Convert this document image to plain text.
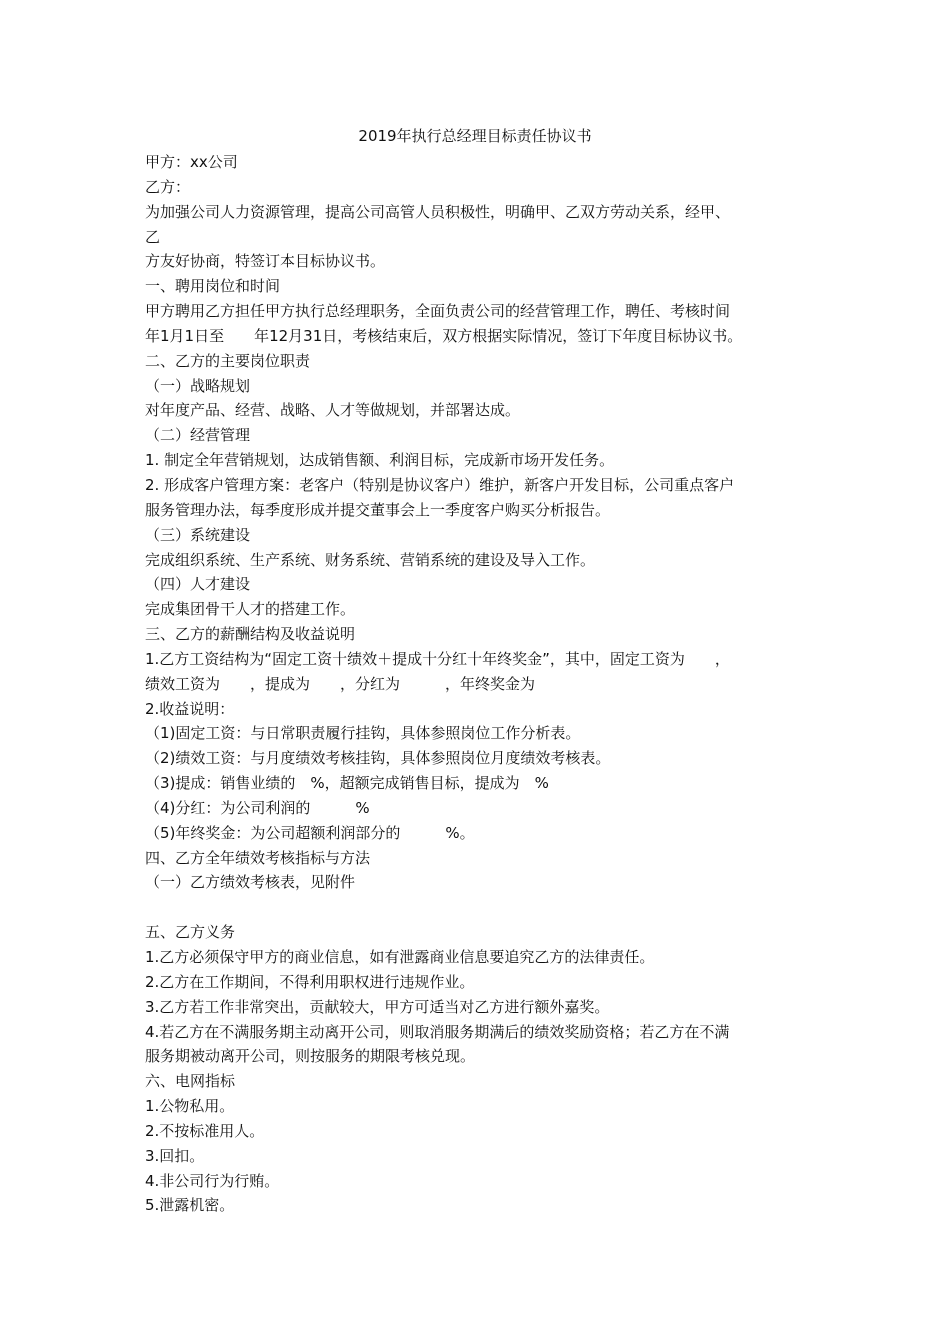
2019年执行总经理目标责任协议书
甲方：xx公司
乙方：
为加强公司人力资源管理，提高公司高管人员积极性，明确甲、乙双方劳动关系，经甲、
乙
方友好协商，特签订本目标协议书。
一、聘用岗位和时间
甲方聘用乙方担任甲方执行总经理职务，全面负责公司的经营管理工作，聘任、考核时间
年1月1日至　　年12月31日，考核结束后，双方根据实际情况，签订下年度目标协议书。
二、乙方的主要岗位职责
（一）战略规划
对年度产品、经营、战略、人才等做规划，并部署达成。
（二）经营管理
1. 制定全年营销规划，达成销售额、利润目标，完成新市场开发任务。
2. 形成客户管理方案：老客户（特别是协议客户）维护，新客户开发目标，公司重点客户
服务管理办法，每季度形成并提交董事会上一季度客户购买分析报告。
（三）系统建设
完成组织系统、生产系统、财务系统、营销系统的建设及导入工作。
（四）人才建设
完成集团骨干人才的搭建工作。
三、乙方的薪酬结构及收益说明
1.乙方工资结构为“固定工资十绩效＋提成十分红十年终奖金”，其中，固定工资为　　，
绩效工资为　　，提成为　　，分红为　　　，年终奖金为
2.收益说明：
（1)固定工资：与日常职责履行挂钩，具体参照岗位工作分析表。
（2)绩效工资：与月度绩效考核挂钩，具体参照岗位月度绩效考核表。
（3)提成：销售业绩的　%，超额完成销售目标，提成为　%
（4)分红：为公司利润的　　　%
（5)年终奖金：为公司超额利润部分的　　　%。
四、乙方全年绩效考核指标与方法
（一）乙方绩效考核表，见附件
五、乙方义务
1.乙方必须保守甲方的商业信息，如有泄露商业信息要追究乙方的法律责任。
2.乙方在工作期间，不得利用职权进行违规作业。
3.乙方若工作非常突出，贡献较大，甲方可适当对乙方进行额外嘉奖。
4.若乙方在不满服务期主动离开公司，则取消服务期满后的绩效奖励资格；若乙方在不满
服务期被动离开公司，则按服务的期限考核兑现。
六、电网指标
1.公物私用。
2.不按标准用人。
3.回扣。
4.非公司行为行贿。
5.泄露机密。
